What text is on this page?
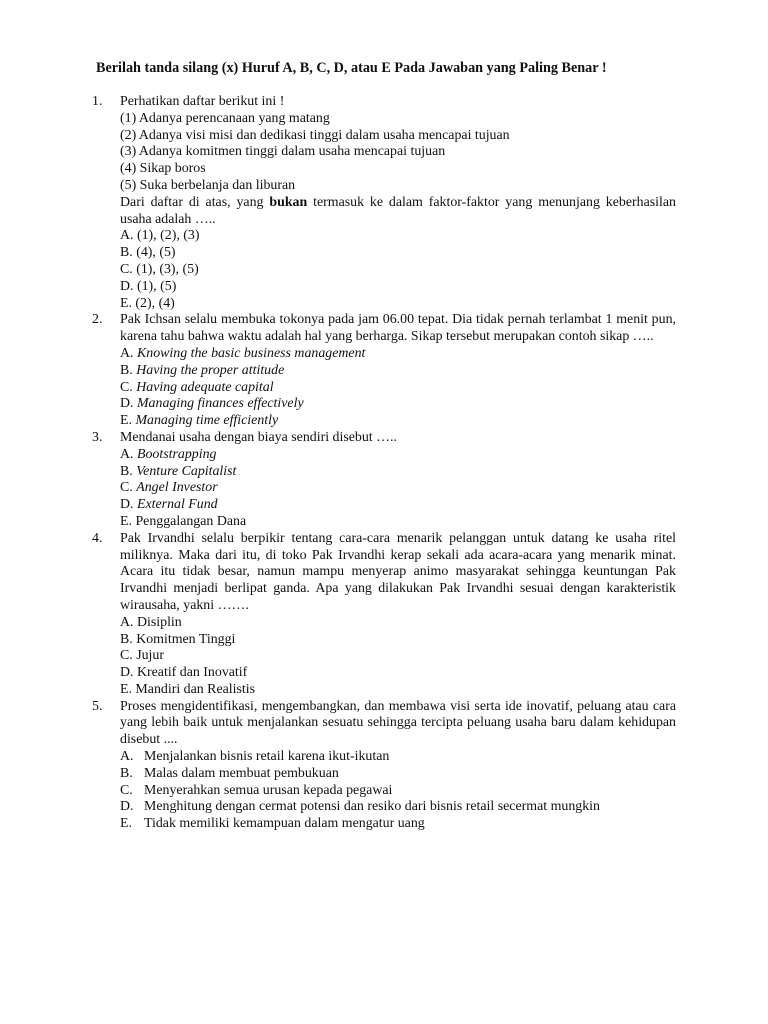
Berilah tanda silang (x) Huruf A, B, C, D, atau E Pada Jawaban yang Paling Benar !
1. Perhatikan daftar berikut ini !
(1) Adanya perencanaan yang matang
(2) Adanya visi misi dan dedikasi tinggi dalam usaha mencapai tujuan
(3) Adanya komitmen tinggi dalam usaha mencapai tujuan
(4) Sikap boros
(5) Suka berbelanja dan liburan
Dari daftar di atas, yang bukan termasuk ke dalam faktor-faktor yang menunjang keberhasilan usaha adalah …..
A. (1), (2), (3)
B. (4), (5)
C. (1), (3), (5)
D. (1), (5)
E. (2), (4)
2. Pak Ichsan selalu membuka tokonya pada jam 06.00 tepat. Dia tidak pernah terlambat 1 menit pun, karena tahu bahwa waktu adalah hal yang berharga. Sikap tersebut merupakan contoh sikap …..
A. Knowing the basic business management
B. Having the proper attitude
C. Having adequate capital
D. Managing finances effectively
E. Managing time efficiently
3. Mendanai usaha dengan biaya sendiri disebut …..
A. Bootstrapping
B. Venture Capitalist
C. Angel Investor
D. External Fund
E. Penggalangan Dana
4. Pak Irvandhi selalu berpikir tentang cara-cara menarik pelanggan untuk datang ke usaha ritel miliknya. Maka dari itu, di toko Pak Irvandhi kerap sekali ada acara-acara yang menarik minat. Acara itu tidak besar, namun mampu menyerap animo masyarakat sehingga keuntungan Pak Irvandhi menjadi berlipat ganda. Apa yang dilakukan Pak Irvandhi sesuai dengan karakteristik wirausaha, yakni …….
A. Disiplin
B. Komitmen Tinggi
C. Jujur
D. Kreatif dan Inovatif
E. Mandiri dan Realistis
5. Proses mengidentifikasi, mengembangkan, dan membawa visi serta ide inovatif, peluang atau cara yang lebih baik untuk menjalankan sesuatu sehingga tercipta peluang usaha baru dalam kehidupan disebut ....
A. Menjalankan bisnis retail karena ikut-ikutan
B. Malas dalam membuat pembukuan
C. Menyerahkan semua urusan kepada pegawai
D. Menghitung dengan cermat potensi dan resiko dari bisnis retail secermat mungkin
E. Tidak memiliki kemampuan dalam mengatur uang
